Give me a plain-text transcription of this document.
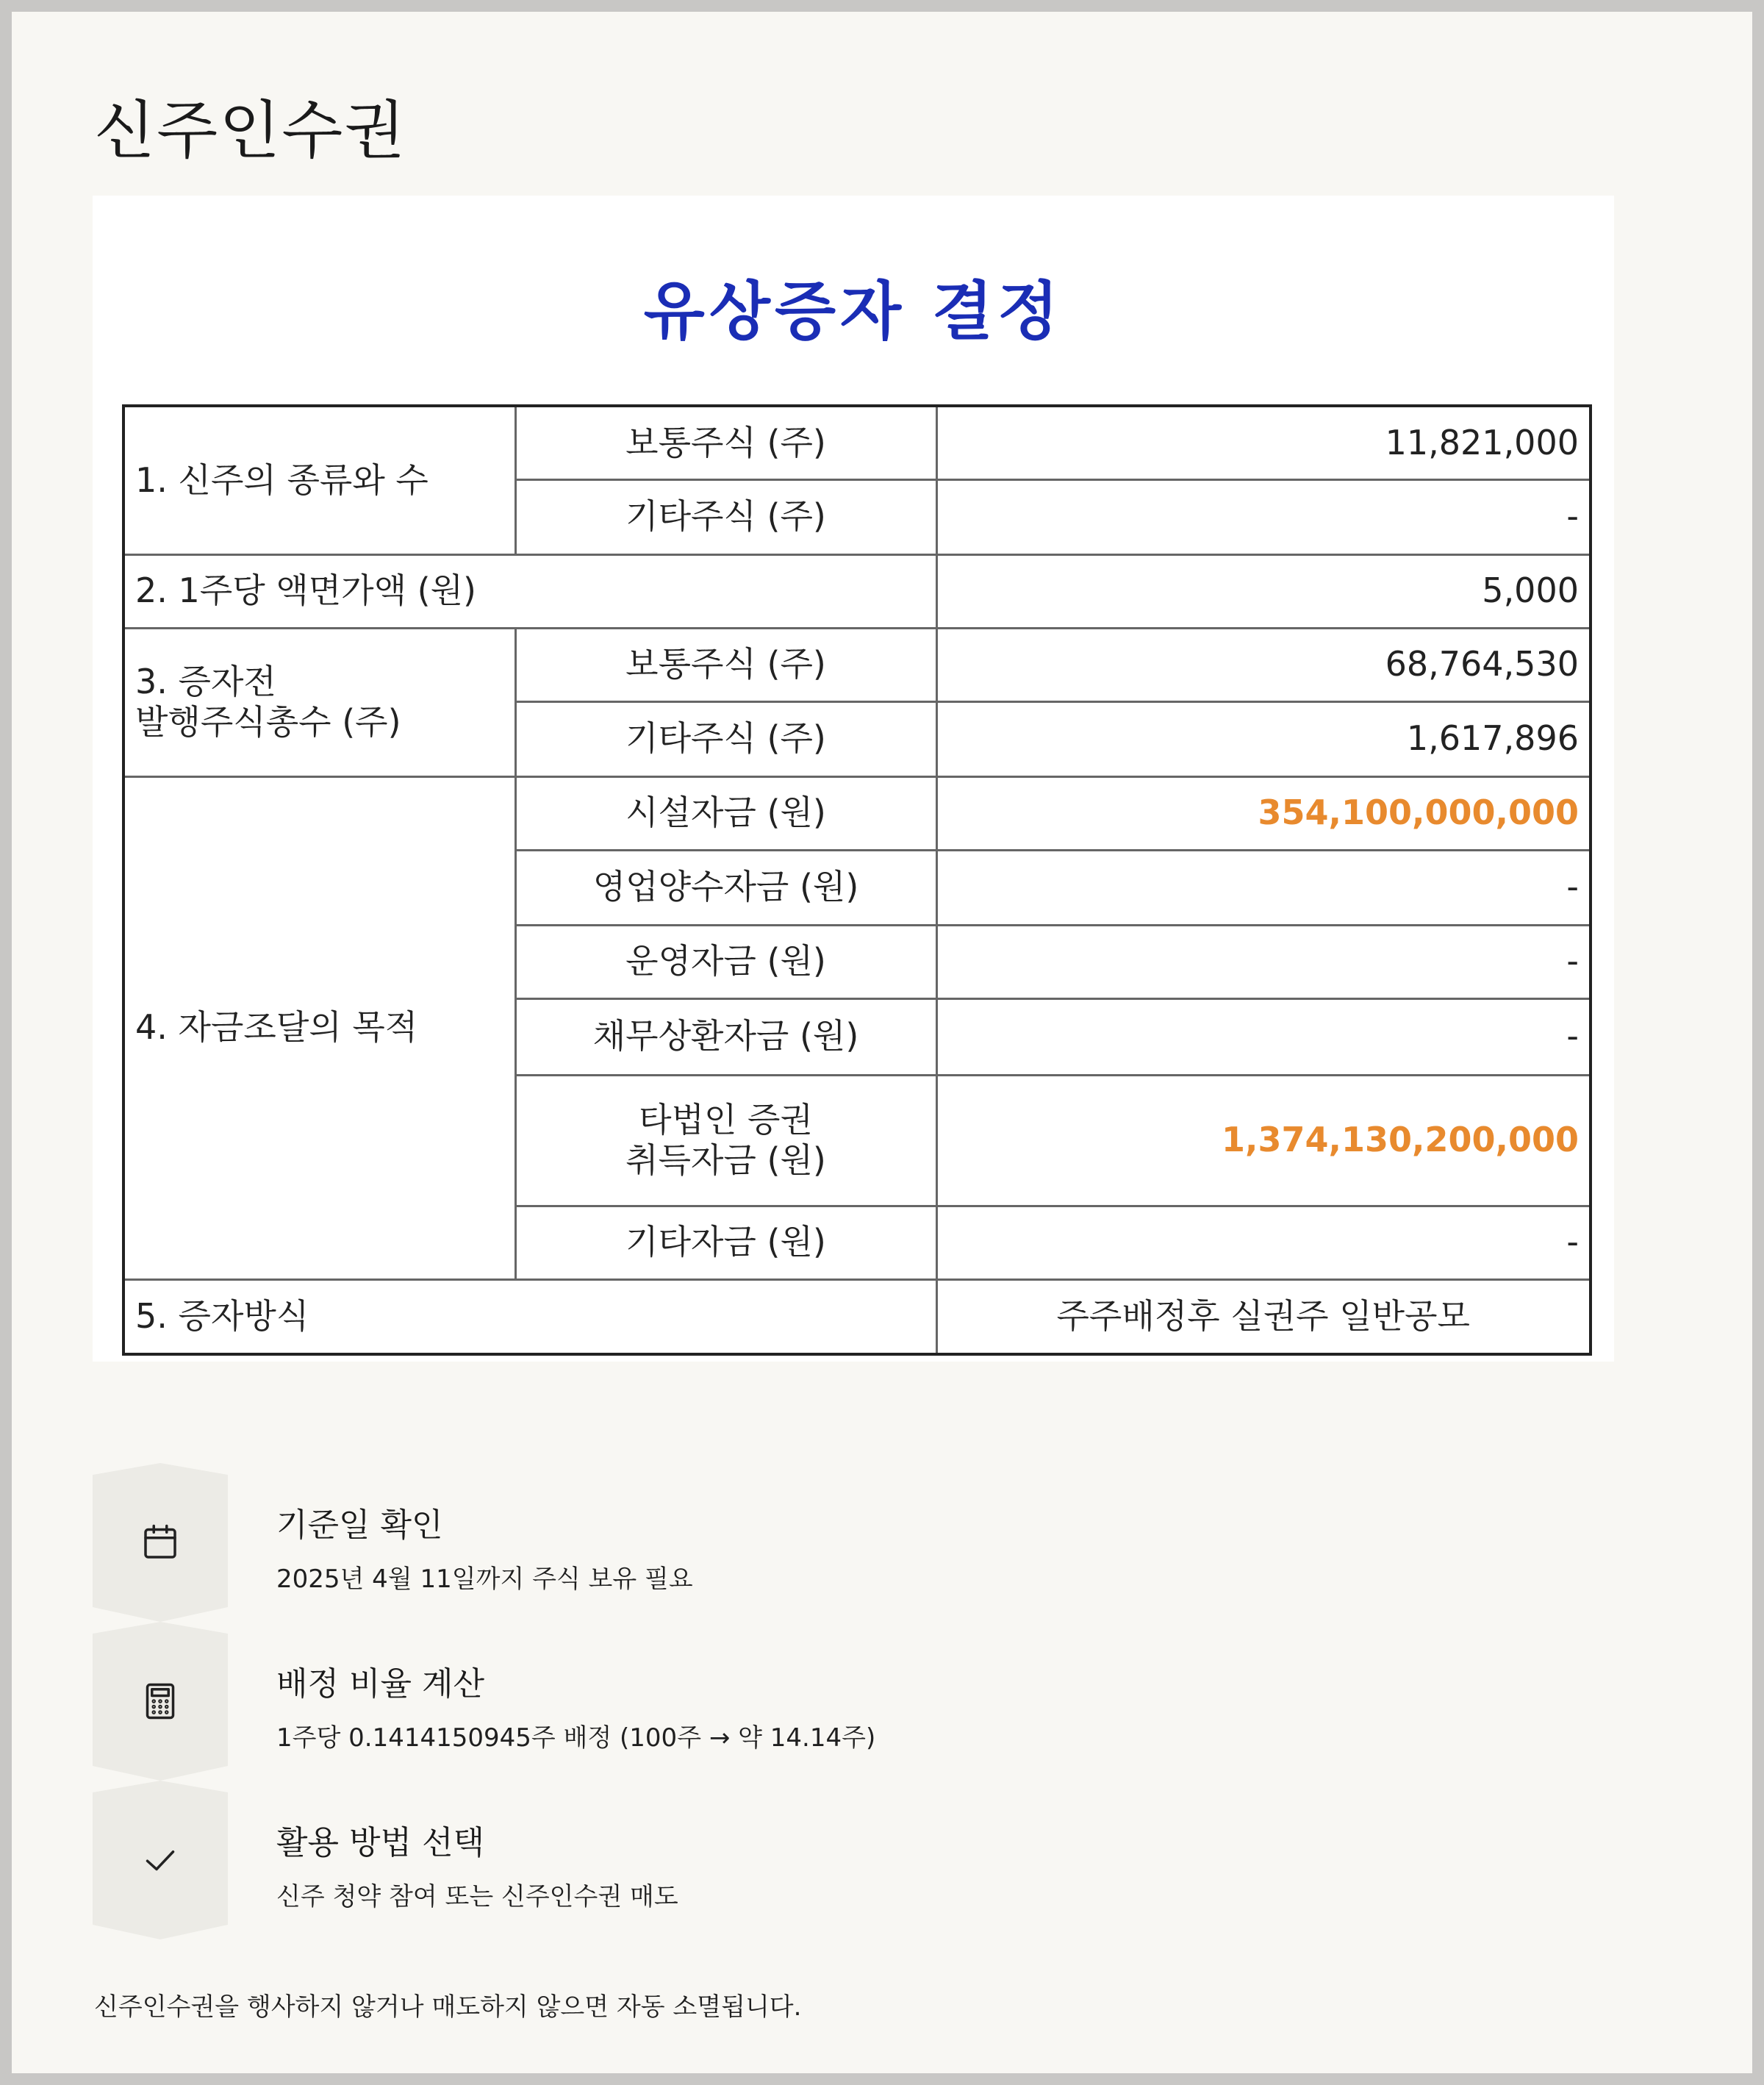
신주인수권
유상증자 결정
1. 신주의 종류와 수	보통주식 (주)	11,821,000
	기타주식 (주)	-
2. 1주당 액면가액 (원)		5,000
3. 증자전
발행주식총수 (주)	보통주식 (주)	68,764,530
	기타주식 (주)	1,617,896
4. 자금조달의 목적	시설자금 (원)	354,100,000,000
	영업양수자금 (원)	-
	운영자금 (원)	-
	채무상환자금 (원)	-
	타법인 증권
취득자금 (원)	1,374,130,200,000
	기타자금 (원)	-
5. 증자방식		주주배정후 실권주 일반공모
기준일 확인
2025년 4월 11일까지 주식 보유 필요
배정 비율 계산
1주당 0.1414150945주 배정 (100주 → 약 14.14주)
활용 방법 선택
신주 청약 참여 또는 신주인수권 매도
신주인수권을 행사하지 않거나 매도하지 않으면 자동 소멸됩니다.
